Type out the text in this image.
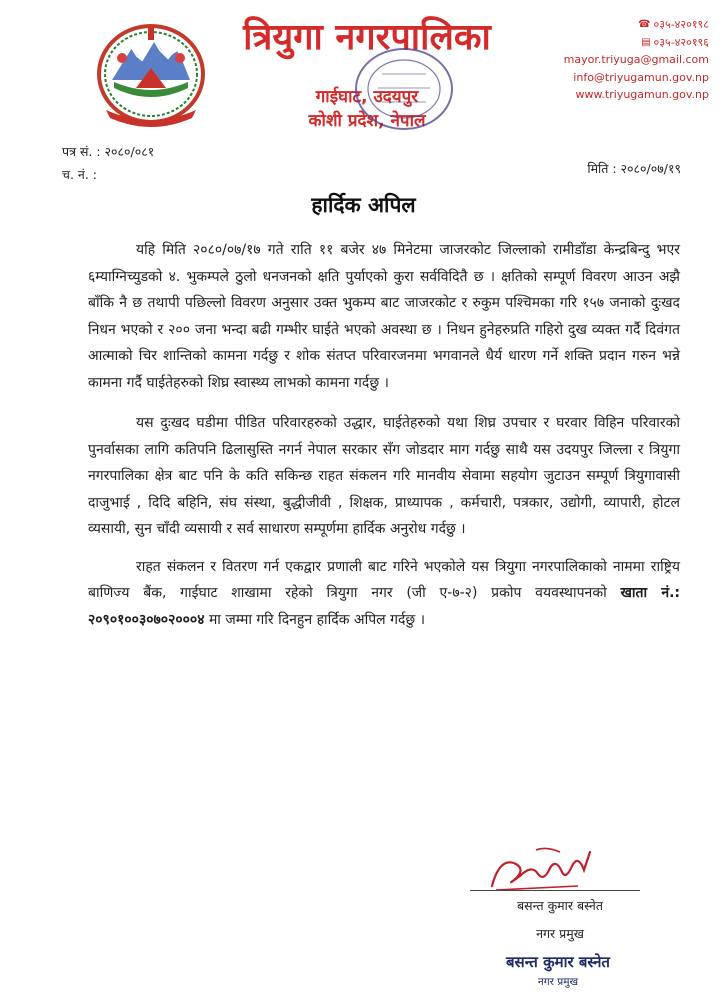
त्रियुगा नगरपालिका
गाईघाट, उदयपुर
कोशी प्रदेश, नेपाल
☎ ०३५-४२०१९८
▤ ०३५-४२०१९६
mayor.triyuga@gmail.com
info@triyugamun.gov.np
www.triyugamun.gov.np
पत्र सं. : २०८०/०८१
च. नं. :	मिति : २०८०/०७/१९
हार्दिक अपिल

यहि मिति २०८०/०७/१७ गते राति ११ बजेर ४७ मिनेटमा जाजरकोट जिल्लाको रामीडाँडा केन्द्रबिन्दु भएर ६म्याग्निच्युडको ४. भुकम्पले ठुलो धनजनको क्षति पुर्याएको कुरा सर्वविदितै छ । क्षतिको सम्पूर्ण विवरण आउन अझै बाँकि नै छ तथापी पछिल्लो विवरण अनुसार उक्त भुकम्प बाट जाजरकोट र रुकुम पश्चिमका गरि १५७ जनाको दुःखद निधन भएको र २०० जना भन्दा बढी गम्भीर घाईते भएको अवस्था छ । निधन हुनेहरुप्रति गहिरो दुख व्यक्त गर्दै दिवंगत आत्माको चिर शान्तिको कामना गर्दछु र शोक संतप्त परिवारजनमा भगवानले धैर्य धारण गर्ने शक्ति प्रदान गरुन भन्ने कामना गर्दै घाईतेहरुको शिघ्र स्वास्थ्य लाभको कामना गर्दछु ।

यस दुःखद घडीमा पीडित परिवारहरुको उद्धार, घाईतेहरुको यथा शिघ्र उपचार र घरवार विहिन परिवारको पुनर्वासका लागि कतिपनि ढिलासुस्ति नगर्न नेपाल सरकार सँग जोडदार माग गर्दछु साथै यस उदयपुर जिल्ला र त्रियुगा नगरपालिका क्षेत्र बाट पनि के कति सकिन्छ राहत संकलन गरि मानवीय सेवामा सहयोग जुटाउन सम्पूर्ण त्रियुगावासी दाजुभाई , दिदि बहिनि, संघ संस्था, बुद्धीजीवी , शिक्षक, प्राध्यापक , कर्मचारी, पत्रकार, उद्योगी, व्यापारी, होटल व्यसायी, सुन चाँदी व्यसायी र सर्व साधारण सम्पूर्णमा हार्दिक अनुरोध गर्दछु ।

राहत संकलन र वितरण गर्न एकद्वार प्रणाली बाट गरिने भएकोले यस त्रियुगा नगरपालिकाको नाममा राष्ट्रिय बाणिज्य बैंक, गाईघाट शाखामा रहेको त्रियुगा नगर (जी ए-७-२) प्रकोप वयवस्थापनको खाता नं.: २०९०१००३०७०२०००४ मा जम्मा गरि दिनहुन हार्दिक अपिल गर्दछु ।

बसन्त कुमार बस्नेत
नगर प्रमुख
बसन्त कुमार बस्नेत
नगर प्रमुख
